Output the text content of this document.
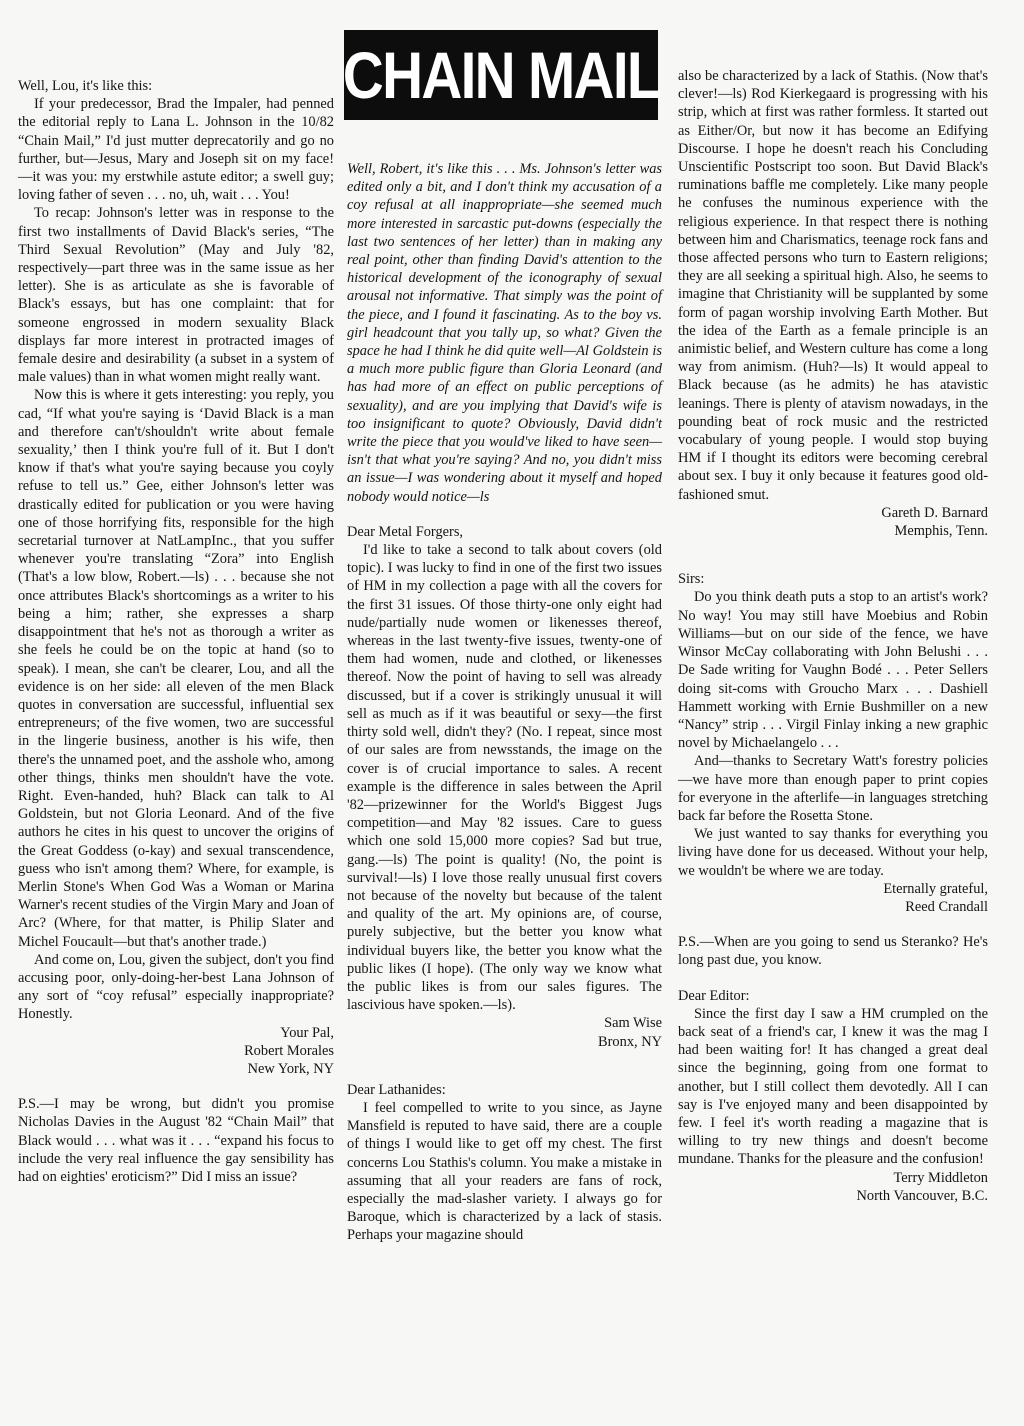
CHAIN MAIL

Well, Lou, it's like this:

If your predecessor, Brad the Impaler, had penned the editorial reply to Lana L. Johnson in the 10/82 “Chain Mail,” I'd just mutter deprecatorily and go no further, but—Jesus, Mary and Joseph sit on my face!—it was you: my erstwhile astute editor; a swell guy; loving father of seven . . . no, uh, wait . . . You!

To recap: Johnson's letter was in response to the first two installments of David Black's series, “The Third Sexual Revolution” (May and July '82, respectively—part three was in the same issue as her letter). She is as articulate as she is favorable of Black's essays, but has one complaint: that for someone engrossed in modern sexuality Black displays far more interest in protracted images of female desire and desirability (a subset in a system of male values) than in what women might really want.

Now this is where it gets interesting: you reply, you cad, “If what you're saying is ‘David Black is a man and therefore can't/shouldn't write about female sexuality,’ then I think you're full of it. But I don't know if that's what you're saying because you coyly refuse to tell us.” Gee, either Johnson's letter was drastically edited for publication or you were having one of those horrifying fits, responsible for the high secretarial turnover at NatLampInc., that you suffer whenever you're translating “Zora” into English (That's a low blow, Robert.—ls) . . . because she not once attributes Black's shortcomings as a writer to his being a him; rather, she expresses a sharp disappointment that he's not as thorough a writer as she feels he could be on the topic at hand (so to speak). I mean, she can't be clearer, Lou, and all the evidence is on her side: all eleven of the men Black quotes in conversation are successful, influential sex entrepreneurs; of the five women, two are successful in the lingerie business, another is his wife, then there's the unnamed poet, and the asshole who, among other things, thinks men shouldn't have the vote. Right. Even-handed, huh? Black can talk to Al Goldstein, but not Gloria Leonard. And of the five authors he cites in his quest to uncover the origins of the Great Goddess (o-kay) and sexual transcendence, guess who isn't among them? Where, for example, is Merlin Stone's When God Was a Woman or Marina Warner's recent studies of the Virgin Mary and Joan of Arc? (Where, for that matter, is Philip Slater and Michel Foucault—but that's another trade.)

And come on, Lou, given the subject, don't you find accusing poor, only-doing-her-best Lana Johnson of any sort of “coy refusal” especially inappropriate? Honestly.

Your Pal,

Robert Morales

New York, NY

P.S.—I may be wrong, but didn't you promise Nicholas Davies in the August '82 “Chain Mail” that Black would . . . what was it . . . “expand his focus to include the very real influence the gay sensibility has had on eighties' eroticism?” Did I miss an issue?

Well, Robert, it's like this . . . Ms. Johnson's letter was edited only a bit, and I don't think my accusation of a coy refusal at all inappropriate—she seemed much more interested in sarcastic put-downs (especially the last two sentences of her letter) than in making any real point, other than finding David's attention to the historical development of the iconography of sexual arousal not informative. That simply was the point of the piece, and I found it fascinating. As to the boy vs. girl headcount that you tally up, so what? Given the space he had I think he did quite well—Al Goldstein is a much more public figure than Gloria Leonard (and has had more of an effect on public perceptions of sexuality), and are you implying that David's wife is too insignificant to quote? Obviously, David didn't write the piece that you would've liked to have seen—isn't that what you're saying? And no, you didn't miss an issue—I was wondering about it myself and hoped nobody would notice—ls

Dear Metal Forgers,

I'd like to take a second to talk about covers (old topic). I was lucky to find in one of the first two issues of HM in my collection a page with all the covers for the first 31 issues. Of those thirty-one only eight had nude/partially nude women or likenesses thereof, whereas in the last twenty-five issues, twenty-one of them had women, nude and clothed, or likenesses thereof. Now the point of having to sell was already discussed, but if a cover is strikingly unusual it will sell as much as if it was beautiful or sexy—the first thirty sold well, didn't they? (No. I repeat, since most of our sales are from newsstands, the image on the cover is of crucial importance to sales. A recent example is the difference in sales between the April '82—prizewinner for the World's Biggest Jugs competition—and May '82 issues. Care to guess which one sold 15,000 more copies? Sad but true, gang.—ls) The point is quality! (No, the point is survival!—ls) I love those really unusual first covers not because of the novelty but because of the talent and quality of the art. My opinions are, of course, purely subjective, but the better you know what individual buyers like, the better you know what the public likes (I hope). (The only way we know what the public likes is from our sales figures. The lascivious have spoken.—ls).

Sam Wise

Bronx, NY

Dear Lathanides:

I feel compelled to write to you since, as Jayne Mansfield is reputed to have said, there are a couple of things I would like to get off my chest. The first concerns Lou Stathis's column. You make a mistake in assuming that all your readers are fans of rock, especially the mad-slasher variety. I always go for Baroque, which is characterized by a lack of stasis. Perhaps your magazine should

also be characterized by a lack of Stathis. (Now that's clever!—ls) Rod Kierkegaard is progressing with his strip, which at first was rather formless. It started out as Either/Or, but now it has become an Edifying Discourse. I hope he doesn't reach his Concluding Unscientific Postscript too soon. But David Black's ruminations baffle me completely. Like many people he confuses the numinous experience with the religious experience. In that respect there is nothing between him and Charismatics, teenage rock fans and those affected persons who turn to Eastern religions; they are all seeking a spiritual high. Also, he seems to imagine that Christianity will be supplanted by some form of pagan worship involving Earth Mother. But the idea of the Earth as a female principle is an animistic belief, and Western culture has come a long way from animism. (Huh?—ls) It would appeal to Black because (as he admits) he has atavistic leanings. There is plenty of atavism nowadays, in the pounding beat of rock music and the restricted vocabulary of young people. I would stop buying HM if I thought its editors were becoming cerebral about sex. I buy it only because it features good old-fashioned smut.

Gareth D. Barnard

Memphis, Tenn.

Sirs:

Do you think death puts a stop to an artist's work? No way! You may still have Moebius and Robin Williams—but on our side of the fence, we have Winsor McCay collaborating with John Belushi . . . De Sade writing for Vaughn Bodé . . . Peter Sellers doing sit-coms with Groucho Marx . . . Dashiell Hammett working with Ernie Bushmiller on a new “Nancy” strip . . . Virgil Finlay inking a new graphic novel by Michaelangelo . . .

And—thanks to Secretary Watt's forestry policies—we have more than enough paper to print copies for everyone in the afterlife—in languages stretching back far before the Rosetta Stone.

We just wanted to say thanks for everything you living have done for us deceased. Without your help, we wouldn't be where we are today.

Eternally grateful,

Reed Crandall

P.S.—When are you going to send us Steranko? He's long past due, you know.

Dear Editor:

Since the first day I saw a HM crumpled on the back seat of a friend's car, I knew it was the mag I had been waiting for! It has changed a great deal since the beginning, going from one format to another, but I still collect them devotedly. All I can say is I've enjoyed many and been disappointed by few. I feel it's worth reading a magazine that is willing to try new things and doesn't become mundane. Thanks for the pleasure and the confusion!

Terry Middleton

North Vancouver, B.C.
